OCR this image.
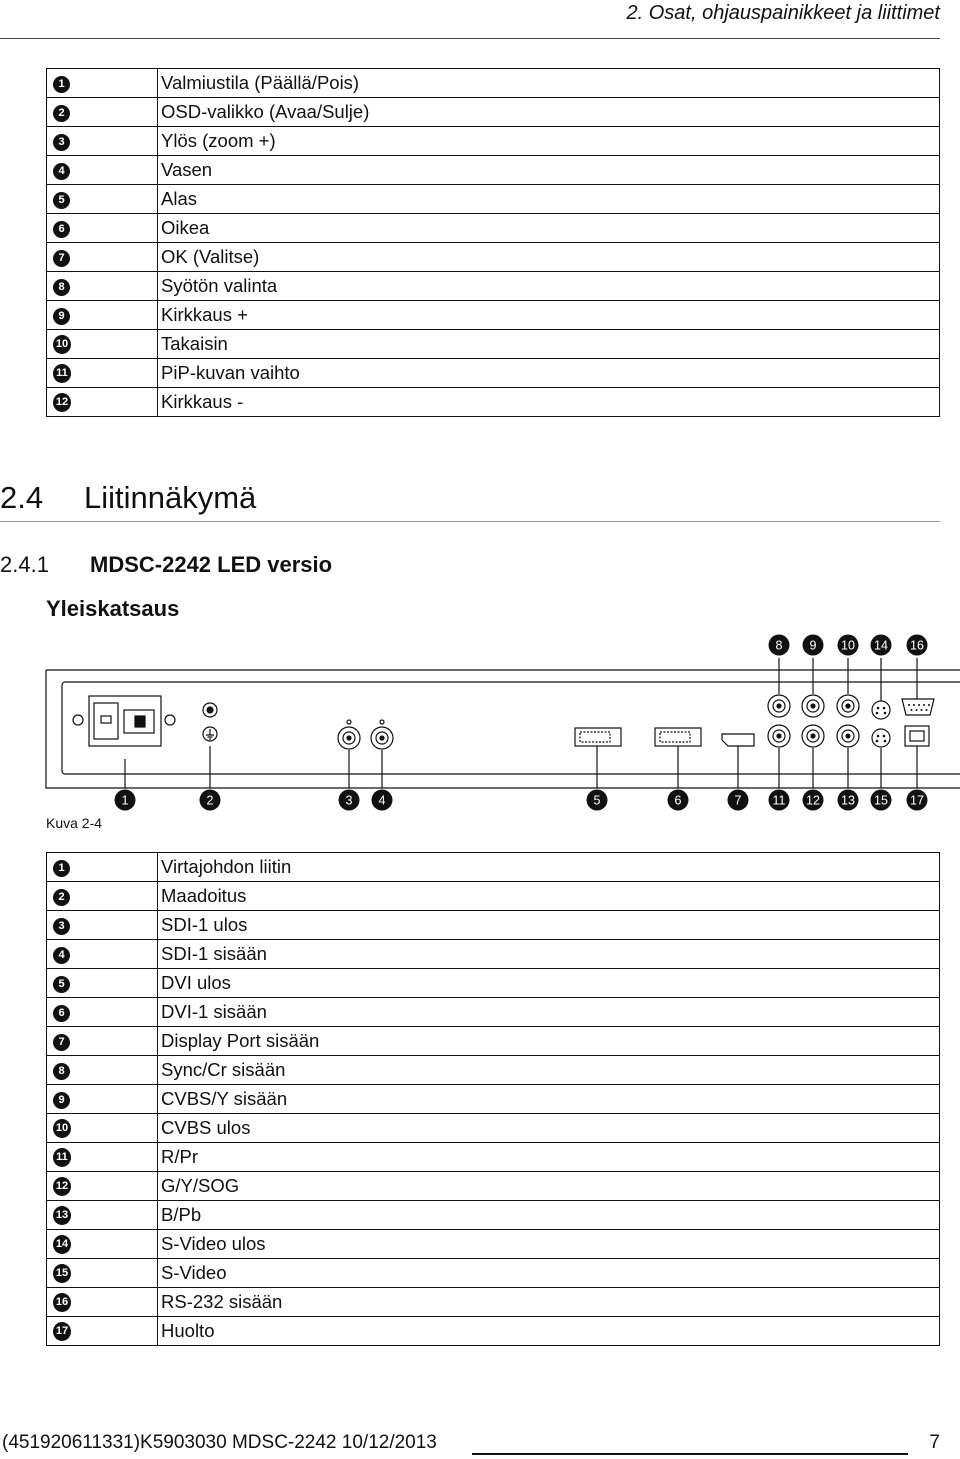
2. Osat, ohjauspainikkeet ja liittimet
1	Valmiustila (Päällä/Pois)
2	OSD-valikko (Avaa/Sulje)
3	Ylös (zoom +)
4	Vasen
5	Alas
6	Oikea
7	OK (Valitse)
8	Syötön valinta
9	Kirkkaus +
10	Takaisin
11	PiP-kuvan vaihto
12	Kirkkaus -
2.4 Liitinnäkymä
2.4.1 MDSC-2242 LED versio
Yleiskatsaus
8 9 10 14 16
1	2	3 4	5	6	7 11 12 13 15 17
Kuva 2-4
1	Virtajohdon liitin
2	Maadoitus
3	SDI-1 ulos
4	SDI-1 sisään
5	DVI ulos
6	DVI-1 sisään
7	Display Port sisään
8	Sync/Cr sisään
9	CVBS/Y sisään
10	CVBS ulos
11	R/Pr
12	G/Y/SOG
13	B/Pb
14	S-Video ulos
15	S-Video
16	RS-232 sisään
17	Huolto
(451920611331)K5903030 MDSC-2242 10/12/2013	7
